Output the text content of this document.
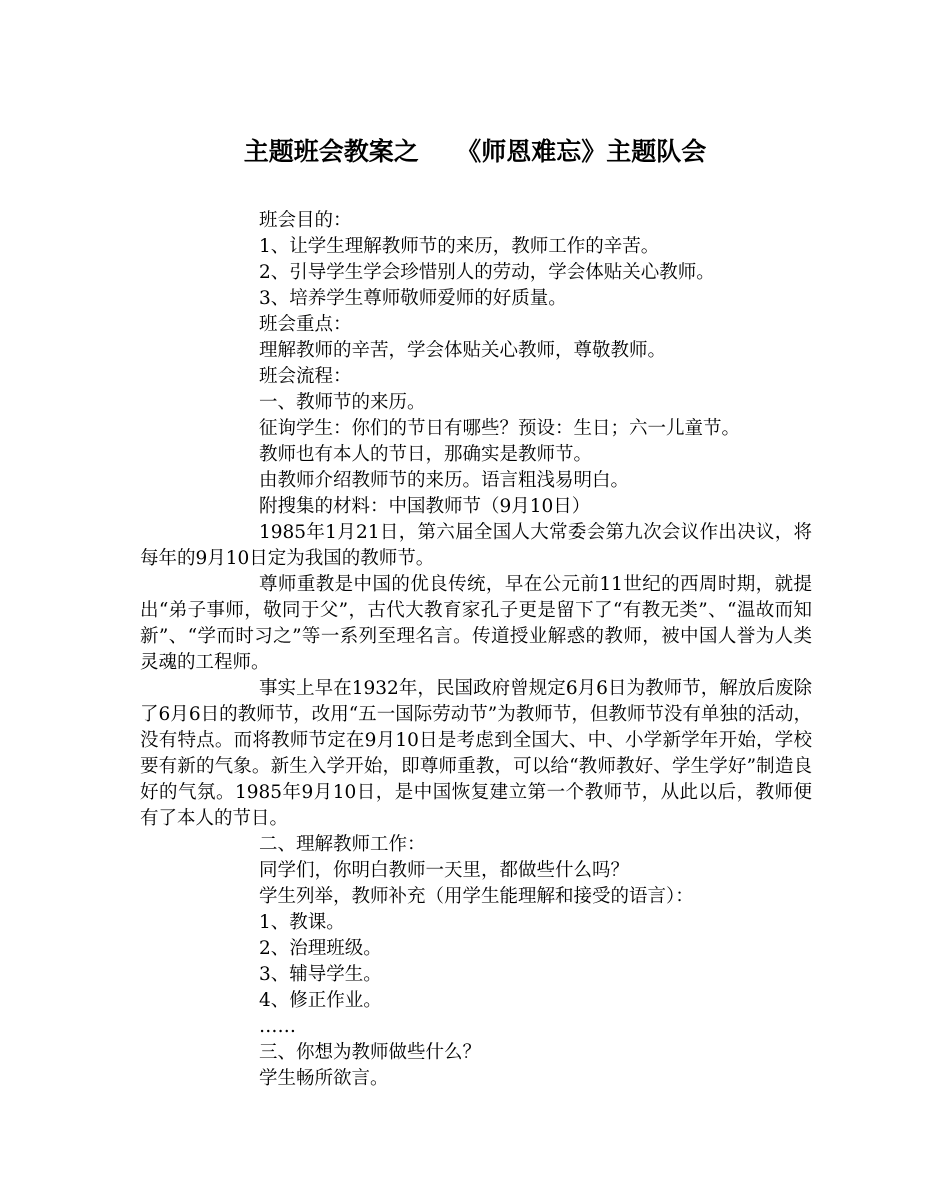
主题班会教案之　　《师恩难忘》主题队会

班会目的：

1、让学生理解教师节的来历，教师工作的辛苦。

2、引导学生学会珍惜别人的劳动，学会体贴关心教师。

3、培养学生尊师敬师爱师的好质量。

班会重点：

理解教师的辛苦，学会体贴关心教师，尊敬教师。

班会流程：

一、教师节的来历。

征询学生：你们的节日有哪些？预设：生日；六一儿童节。

教师也有本人的节日，那确实是教师节。

由教师介绍教师节的来历。语言粗浅易明白。

附搜集的材料：中国教师节（9月10日）

1985年1月21日，第六届全国人大常委会第九次会议作出决议，将每年的9月10日定为我国的教师节。

尊师重教是中国的优良传统，早在公元前11世纪的西周时期，就提出“弟子事师，敬同于父”，古代大教育家孔子更是留下了“有教无类”、“温故而知新”、“学而时习之”等一系列至理名言。传道授业解惑的教师，被中国人誉为人类灵魂的工程师。

事实上早在1932年，民国政府曾规定6月6日为教师节，解放后废除了6月6日的教师节，改用“五一国际劳动节”为教师节，但教师节没有单独的活动，没有特点。而将教师节定在9月10日是考虑到全国大、中、小学新学年开始，学校要有新的气象。新生入学开始，即尊师重教，可以给“教师教好、学生学好”制造良好的气氛。1985年9月10日，是中国恢复建立第一个教师节，从此以后，教师便有了本人的节日。

二、理解教师工作：

同学们，你明白教师一天里，都做些什么吗？

学生列举，教师补充（用学生能理解和接受的语言）：

1、教课。

2、治理班级。

3、辅导学生。

4、修正作业。

……

三、你想为教师做些什么？

学生畅所欲言。
